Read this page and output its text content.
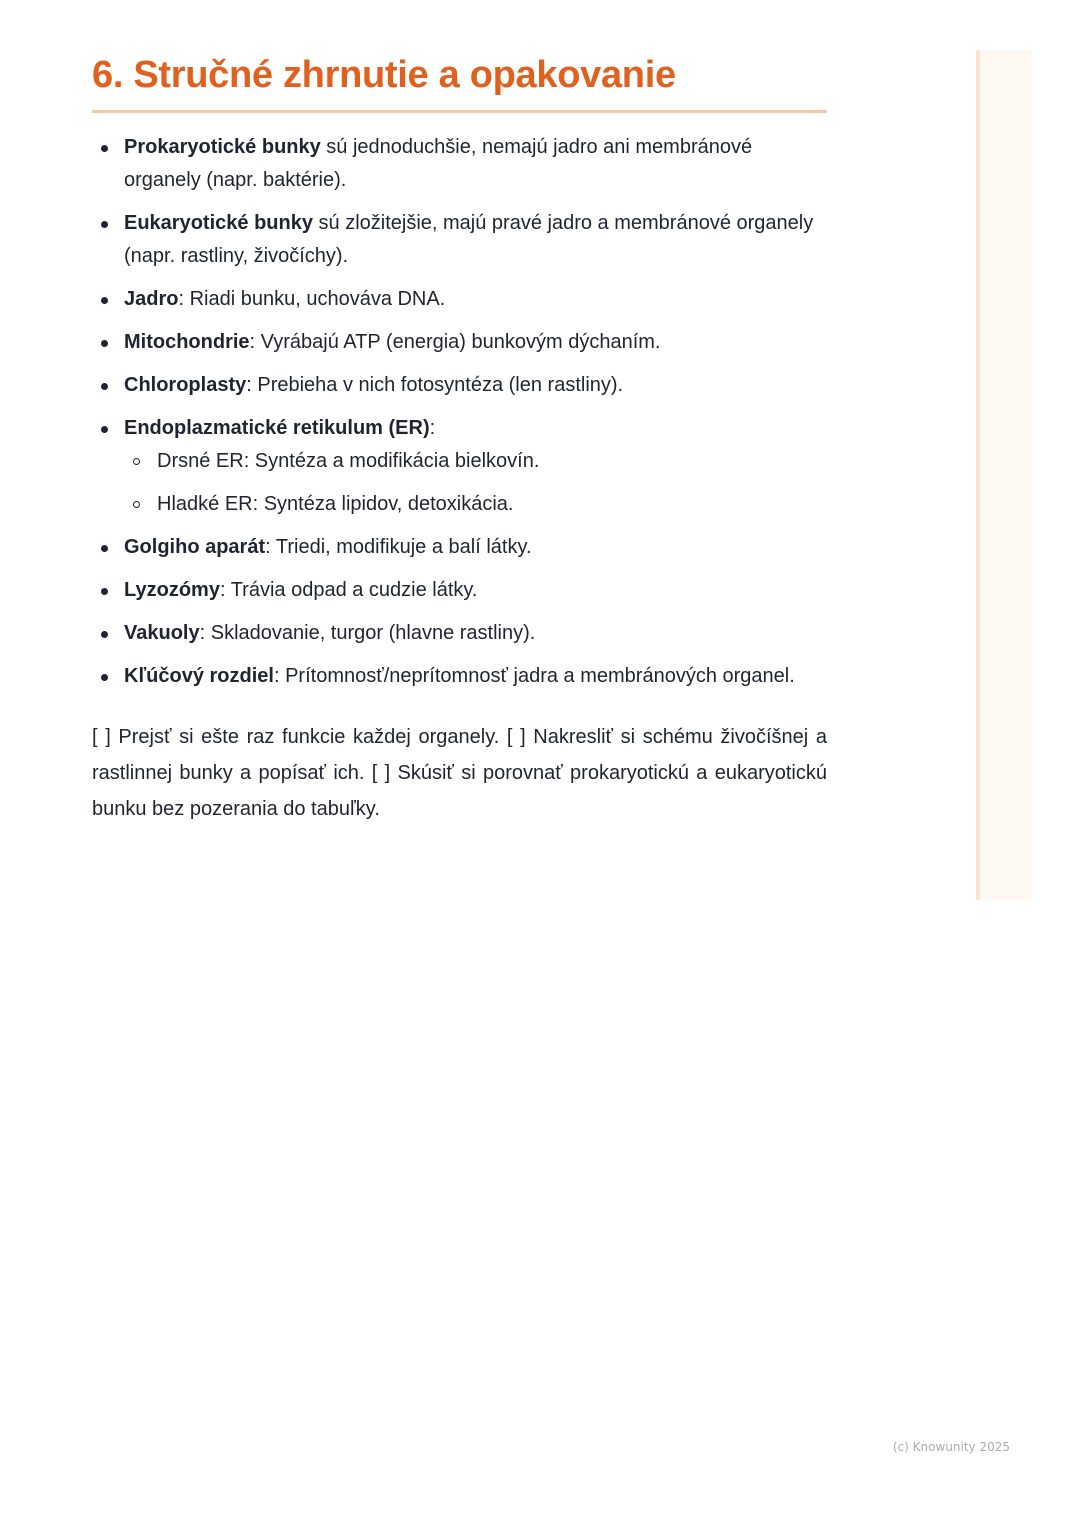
6. Stručné zhrnutie a opakovanie
Prokaryotické bunky sú jednoduchšie, nemajú jadro ani membránové organely (napr. baktérie).
Eukaryotické bunky sú zložitejšie, majú pravé jadro a membránové organely (napr. rastliny, živočíchy).
Jadro: Riadi bunku, uchováva DNA.
Mitochondrie: Vyrábajú ATP (energia) bunkovým dýchaním.
Chloroplasty: Prebieha v nich fotosyntéza (len rastliny).
Endoplazmatické retikulum (ER):
Drsné ER: Syntéza a modifikácia bielkovín.
Hladké ER: Syntéza lipidov, detoxikácia.
Golgiho aparát: Triedi, modifikuje a balí látky.
Lyzozómy: Trávia odpad a cudzie látky.
Vakuoly: Skladovanie, turgor (hlavne rastliny).
Kľúčový rozdiel: Prítomnosť/neprítomnosť jadra a membránových organel.

[ ] Prejsť si ešte raz funkcie každej organely. [ ] Nakresliť si schému živočíšnej a rastlinnej bunky a popísať ich. [ ] Skúsiť si porovnať prokaryotickú a eukaryotickú bunku bez pozerania do tabuľky.

(c) Knowunity 2025
